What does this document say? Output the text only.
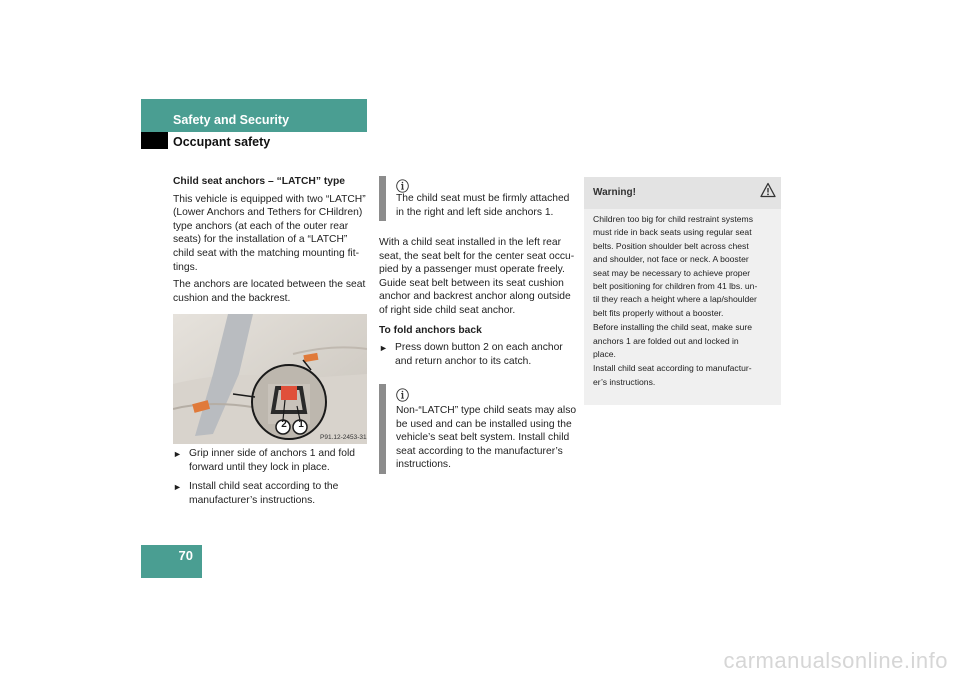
Safety and Security
Occupant safety
70
Child seat anchors – “LATCH” type
This vehicle is equipped with two “LATCH”
(Lower Anchors and Tethers for CHildren)
type anchors (at each of the outer rear
seats) for the installation of a “LATCH”
child seat with the matching mounting fit-
tings.
The anchors are located between the seat
cushion and the backrest.
2	1
P91.12-2453-31
► Grip inner side of anchors 1 and fold
forward until they lock in place.
► Install child seat according to the
manufacturer’s instructions.
ⓘ
The child seat must be firmly attached
in the right and left side anchors 1.
With a child seat installed in the left rear
seat, the seat belt for the center seat occu-
pied by a passenger must operate freely.
Guide seat belt between its seat cushion
anchor and backrest anchor along outside
of right side child seat anchor.
To fold anchors back
► Press down button 2 on each anchor
and return anchor to its catch.
ⓘ
Non-“LATCH” type child seats may also
be used and can be installed using the
vehicle’s seat belt system. Install child
seat according to the manufacturer’s
instructions.
Warning!
Children too big for child restraint systems
must ride in back seats using regular seat
belts. Position shoulder belt across chest
and shoulder, not face or neck. A booster
seat may be necessary to achieve proper
belt positioning for children from 41 lbs. un-
til they reach a height where a lap/shoulder
belt fits properly without a booster.
Before installing the child seat, make sure
anchors 1 are folded out and locked in
place.
Install child seat according to manufactur-
er’s instructions.
carmanualsonline.info
